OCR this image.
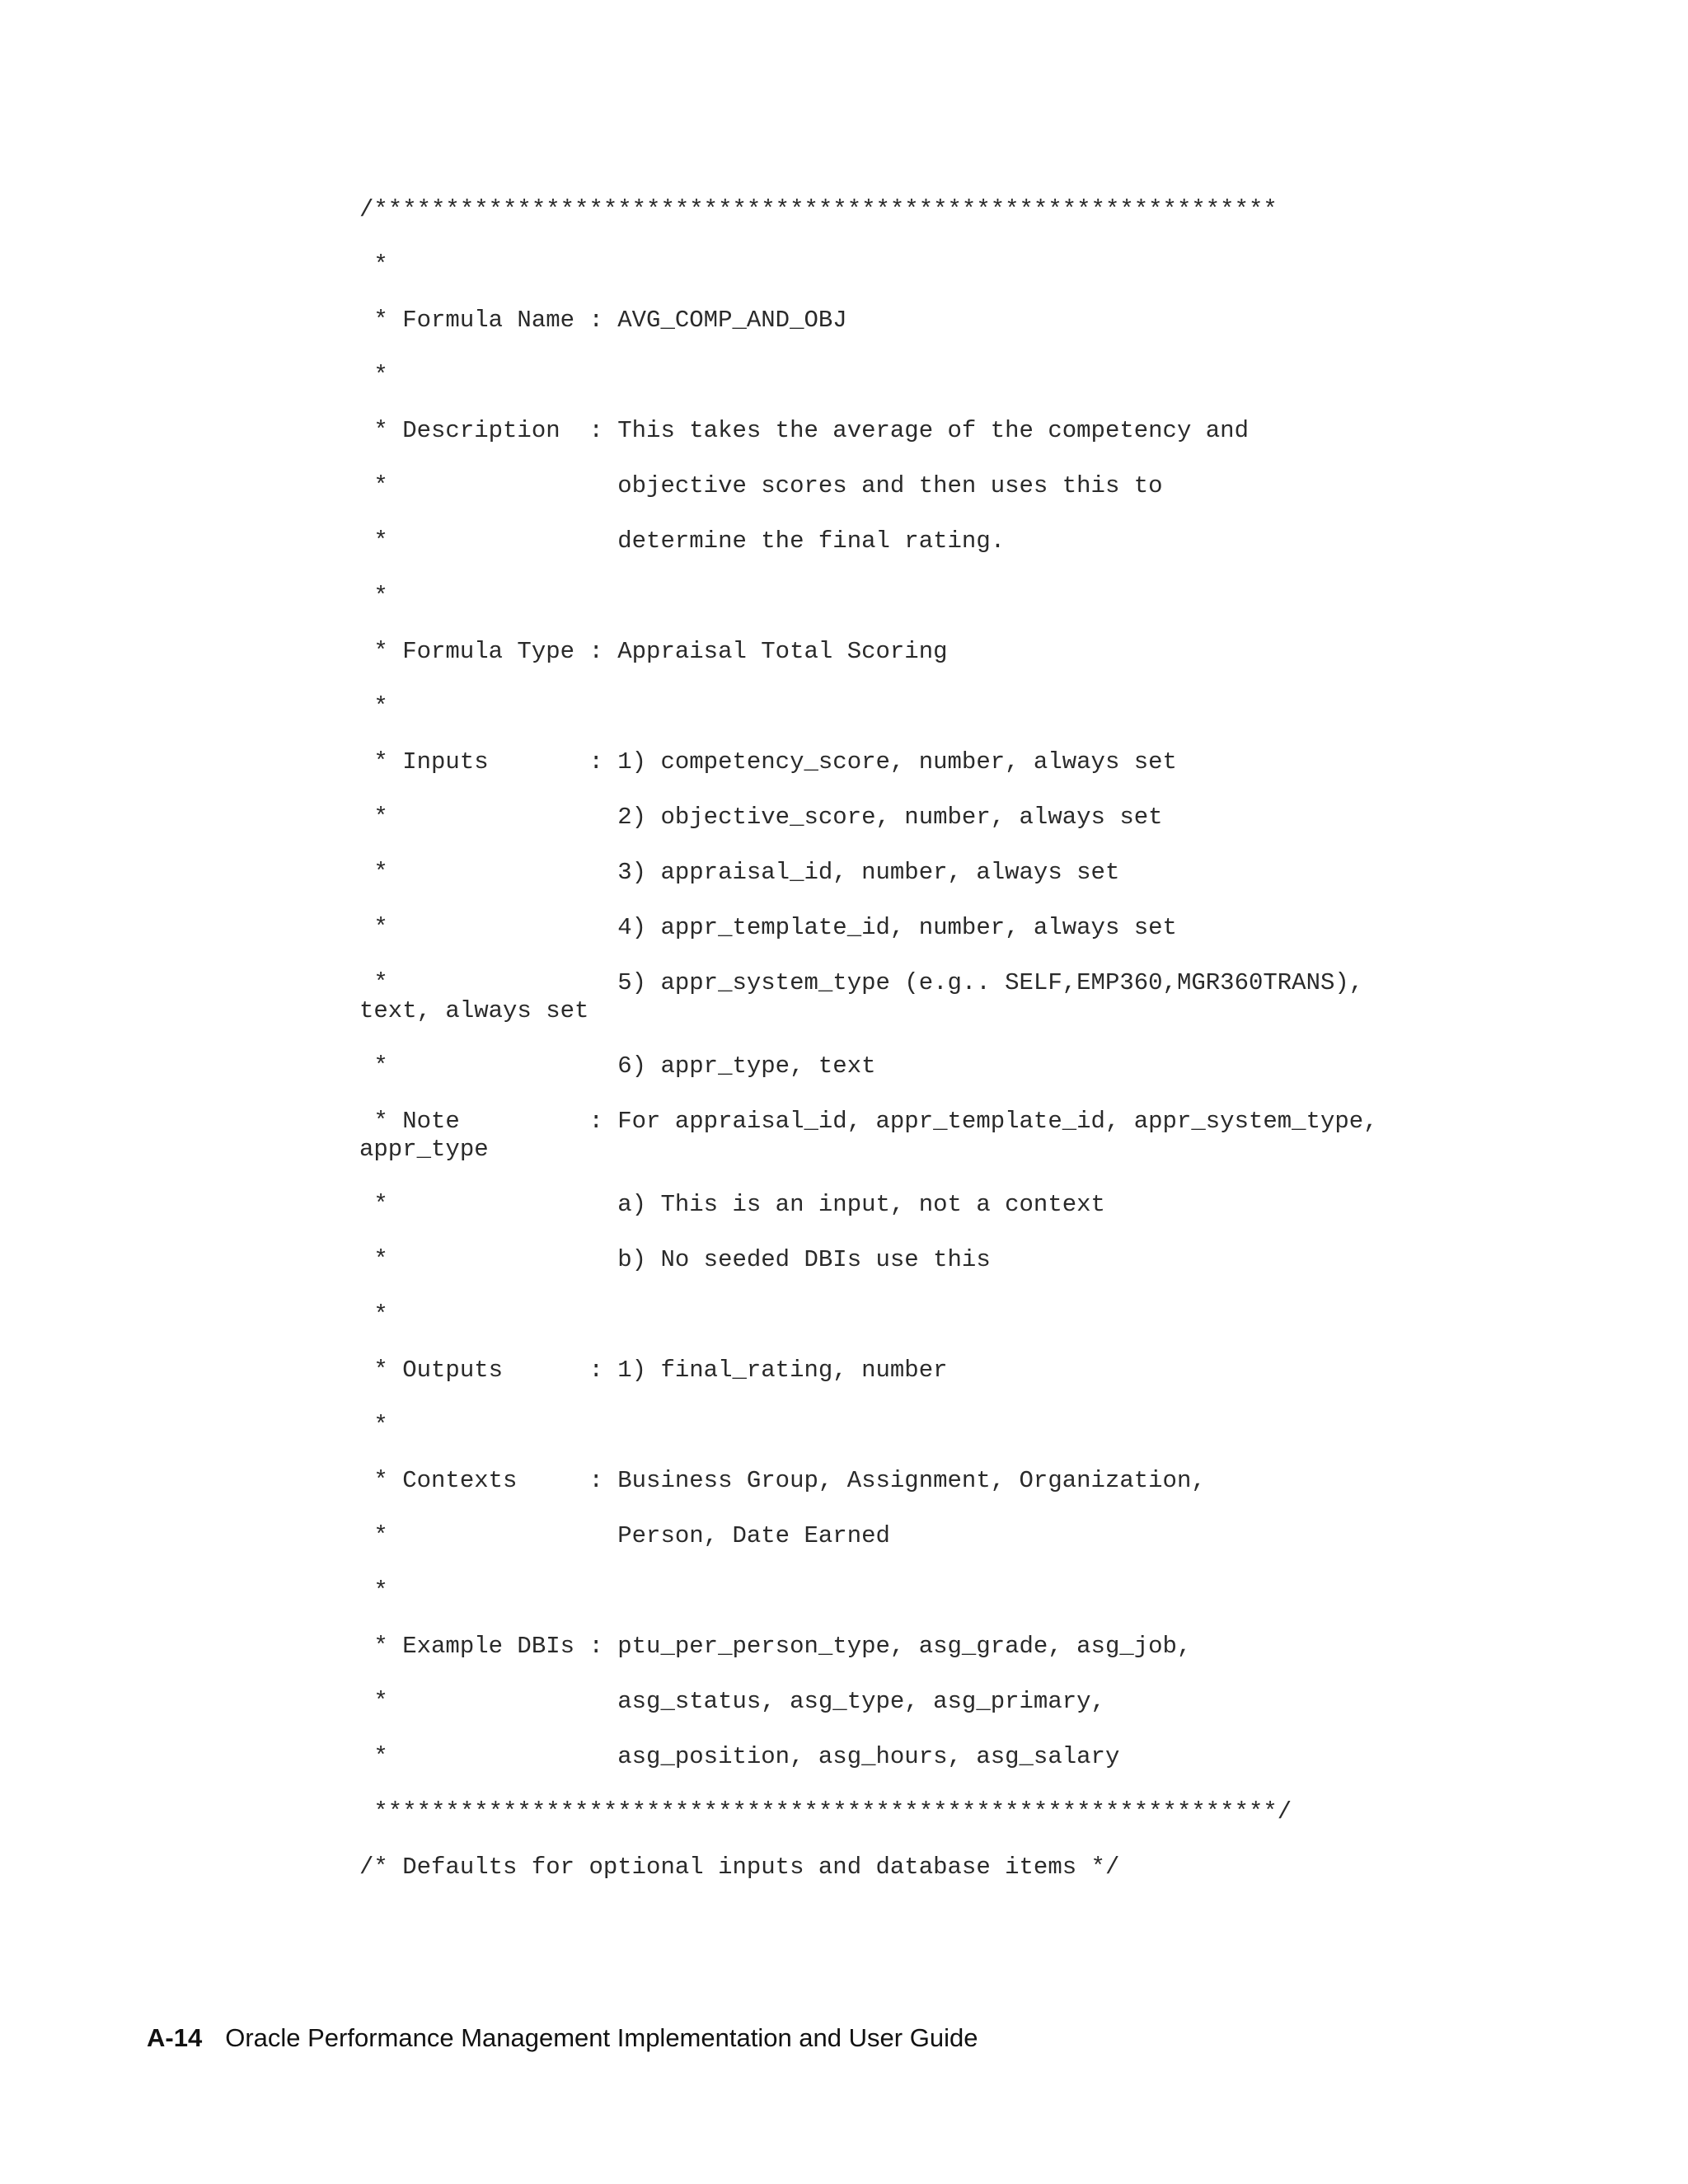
/***************************************************************
*
* Formula Name : AVG_COMP_AND_OBJ
*
* Description  : This takes the average of the competency and
*                objective scores and then uses this to
*                determine the final rating.
*
* Formula Type : Appraisal Total Scoring
*
* Inputs       : 1) competency_score, number, always set
*                2) objective_score, number, always set
*                3) appraisal_id, number, always set
*                4) appr_template_id, number, always set
*                5) appr_system_type (e.g.. SELF,EMP360,MGR360TRANS),
text, always set
*                6) appr_type, text
* Note         : For appraisal_id, appr_template_id, appr_system_type,
appr_type
*                a) This is an input, not a context
*                b) No seeded DBIs use this
*
* Outputs      : 1) final_rating, number
*
* Contexts     : Business Group, Assignment, Organization,
*                Person, Date Earned
*
* Example DBIs : ptu_per_person_type, asg_grade, asg_job,
*                asg_status, asg_type, asg_primary,
*                asg_position, asg_hours, asg_salary
***************************************************************/
/* Defaults for optional inputs and database items */
A-14 Oracle Performance Management Implementation and User Guide
